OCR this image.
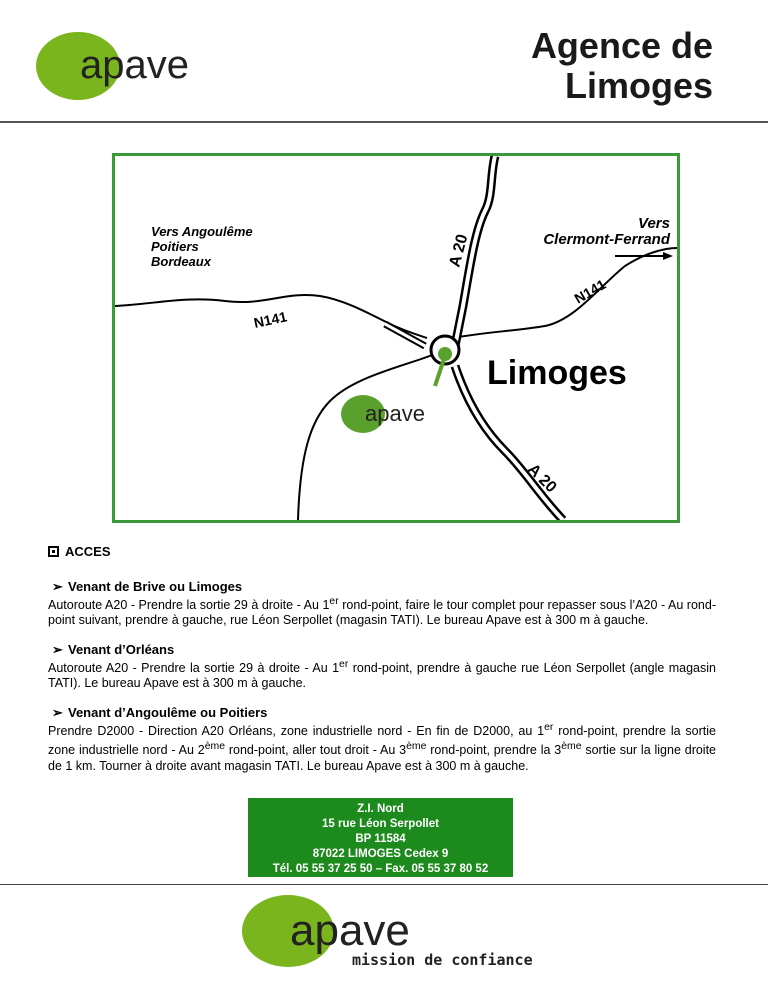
apave	Agence de
Limoges
apave
Vers Angoulême
Poitiers
Bordeaux
Vers
Clermont-Ferrand
A 20
A 20
N141
N141
Limoges
ACCES
➢ Venant de Brive ou Limoges
Autoroute A20 - Prendre la sortie 29 à droite - Au 1er rond-point, faire le tour complet pour repasser sous l’A20 - Au rond-point suivant, prendre à gauche, rue Léon Serpollet (magasin TATI). Le bureau Apave est à 300 m à gauche.
➢ Venant d’Orléans
Autoroute A20 - Prendre la sortie 29 à droite - Au 1er rond-point, prendre à gauche rue Léon Serpollet (angle magasin TATI). Le bureau Apave est à 300 m à gauche.
➢ Venant d’Angoulême ou Poitiers
Prendre D2000 - Direction A20 Orléans, zone industrielle nord - En fin de D2000, au 1er rond-point, prendre la sortie zone industrielle nord - Au 2ème rond-point, aller tout droit - Au 3ème rond-point, prendre la 3ème sortie sur la ligne droite de 1 km. Tourner à droite avant magasin TATI. Le bureau Apave est à 300 m à gauche.
Z.I. Nord
15 rue Léon Serpollet
BP 11584
87022 LIMOGES Cedex 9
Tél. 05 55 37 25 50 – Fax. 05 55 37 80 52
apave
mission de confiance
